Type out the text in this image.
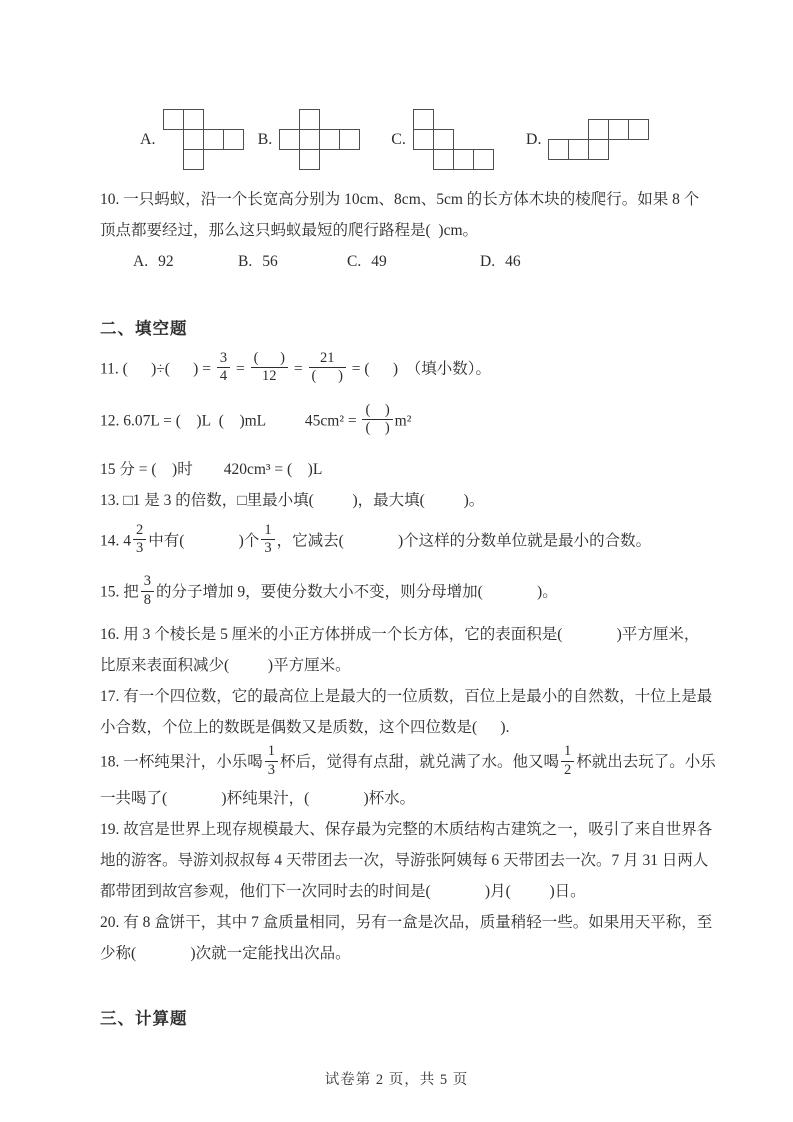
A.	B.	C.	D.
10. 一只蚂蚁，沿一个长宽高分别为 10cm、8cm、5cm 的长方体木块的棱爬行。如果 8 个
顶点都要经过，那么这只蚂蚁最短的爬行路程是( )cm。
A. 92	B. 56	C. 49	D. 46
二、填空题
11. (  )÷(  ) = $\frac{3}{4} = \frac{( )}{12} = \frac{21}{( )}$ = (  ) （填小数）。
12. 6.07L = (  )L (  )mL   $45cm^2 = \frac{( )}{( )} m^2$
15 分 = (  )时  420cm³ = (  )L
13. □1 是 3 的倍数，□里最小填(   )，最大填(   )。
14. $4 \frac{2}{3}$ 中有(    )个 $\frac{1}{3}$ ，它减去(    )个这样的分数单位就是最小的合数。
15. 把 $\frac{3}{8}$ 的分子增加 9，要使分数大小不变，则分母增加(    )。
16. 用 3 个棱长是 5 厘米的小正方体拼成一个长方体，它的表面积是(    )平方厘米，
比原来表面积减少(   )平方厘米。
17. 有一个四位数，它的最高位上是最大的一位质数，百位上是最小的自然数，十位上是最
小合数，个位上的数既是偶数又是质数，这个四位数是(  ).
18. 一杯纯果汁，小乐喝 $\frac{1}{3}$ 杯后，觉得有点甜，就兑满了水。他又喝 $\frac{1}{2}$ 杯就出去玩了。小乐
一共喝了(    )杯纯果汁，(    )杯水。
19. 故宫是世界上现存规模最大、保存最为完整的木质结构古建筑之一，吸引了来自世界各
地的游客。导游刘叔叔每 4 天带团去一次，导游张阿姨每 6 天带团去一次。7 月 31 日两人
都带团到故宫参观，他们下一次同时去的时间是(    )月(   )日。
20. 有 8 盒饼干，其中 7 盒质量相同，另有一盒是次品，质量稍轻一些。如果用天平称，至
少称(    )次就一定能找出次品。
三、计算题
试卷第 2 页，共 5 页
